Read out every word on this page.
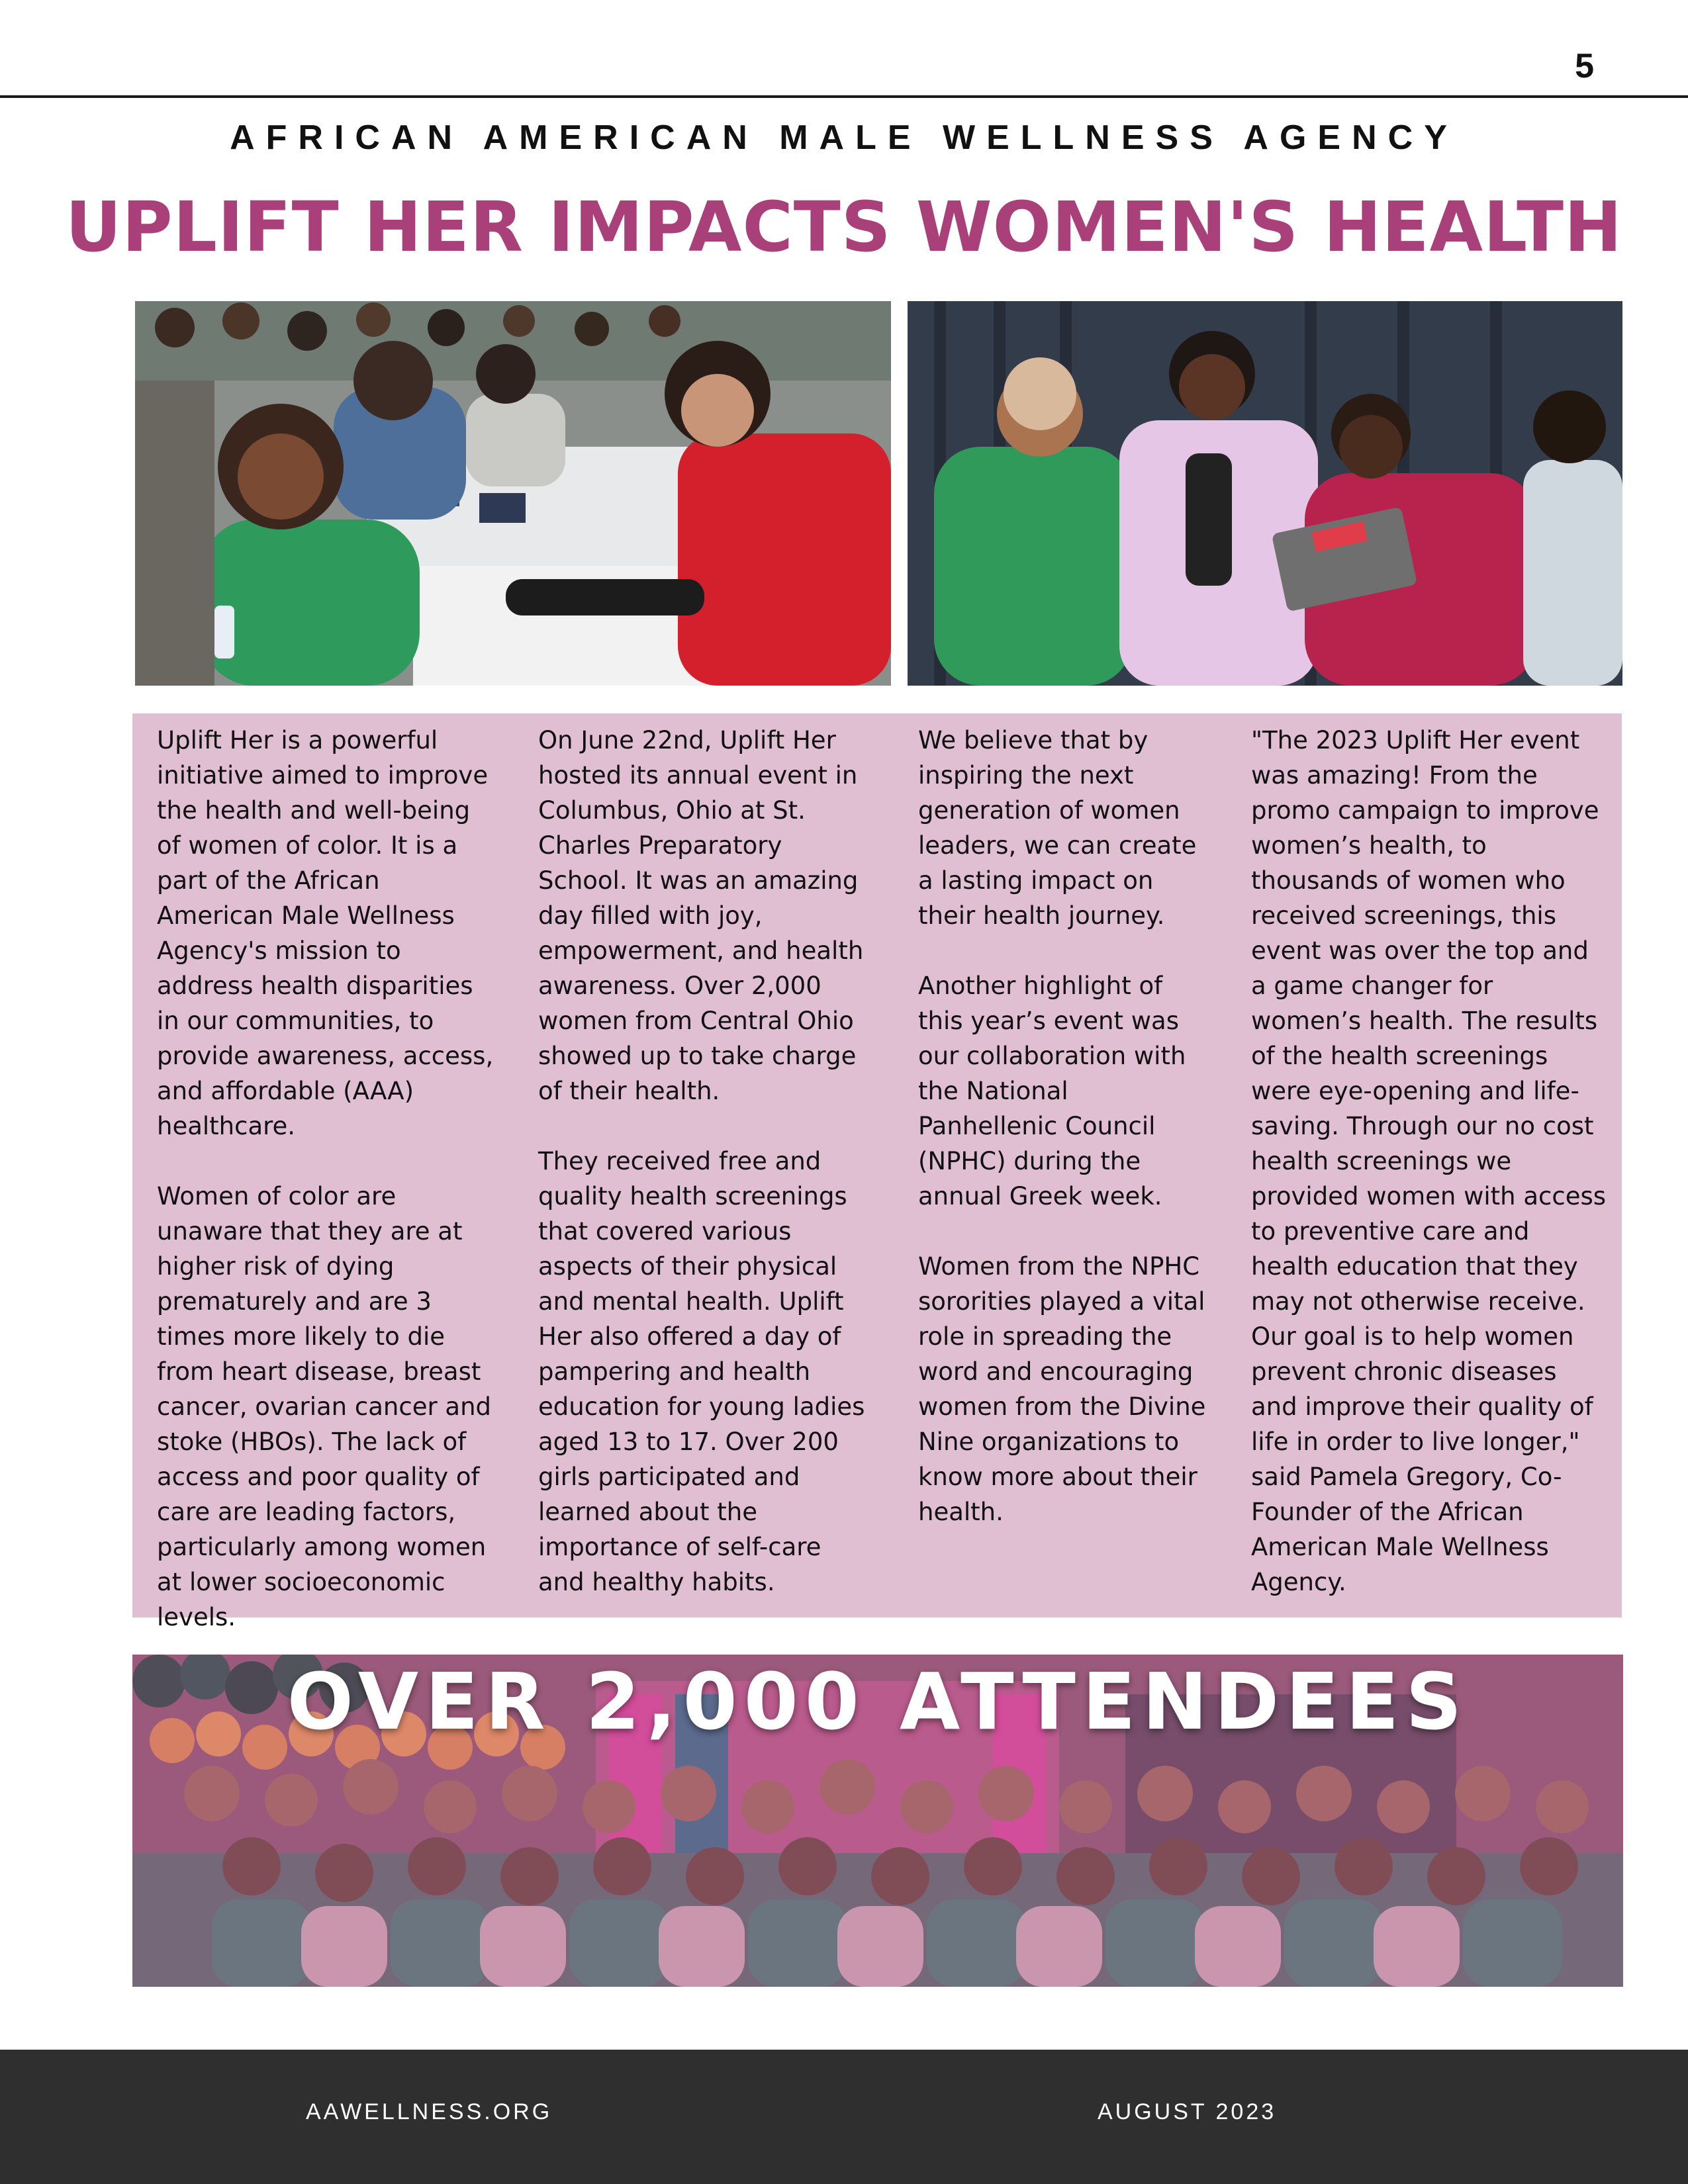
5
AFRICAN AMERICAN MALE WELLNESS AGENCY
UPLIFT HER IMPACTS WOMEN'S HEALTH

Uplift Her is a powerful initiative aimed to improve the health and well-being of women of color. It is a part of the African American Male Wellness Agency's mission to address health disparities in our communities, to provide awareness, access, and affordable (AAA) healthcare.

Women of color are unaware that they are at higher risk of dying prematurely and are 3 times more likely to die from heart disease, breast cancer, ovarian cancer and stoke (HBOs). The lack of access and poor quality of care are leading factors, particularly among women at lower socioeconomic levels.

On June 22nd, Uplift Her hosted its annual event in Columbus, Ohio at St. Charles Preparatory School. It was an amazing day filled with joy, empowerment, and health awareness. Over 2,000 women from Central Ohio showed up to take charge of their health.

They received free and quality health screenings that covered various aspects of their physical and mental health. Uplift Her also offered a day of pampering and health education for young ladies aged 13 to 17. Over 200 girls participated and learned about the importance of self-care and healthy habits.

We believe that by inspiring the next generation of women leaders, we can create a lasting impact on their health journey.

Another highlight of this year’s event was our collaboration with the National Panhellenic Council (NPHC) during the annual Greek week.

Women from the NPHC sororities played a vital role in spreading the word and encouraging women from the Divine Nine organizations to know more about their health.

"The 2023 Uplift Her event was amazing! From the promo campaign to improve women’s health, to thousands of women who received screenings, this event was over the top and a game changer for women’s health. The results of the health screenings were eye-opening and life-saving. Through our no cost health screenings we provided women with access to preventive care and health education that they may not otherwise receive. Our goal is to help women prevent chronic diseases and improve their quality of life in order to live longer," said Pamela Gregory, Co-Founder of the African American Male Wellness Agency.

OVER 2,000 ATTENDEES
AAWELLNESS.ORG	AUGUST 2023
